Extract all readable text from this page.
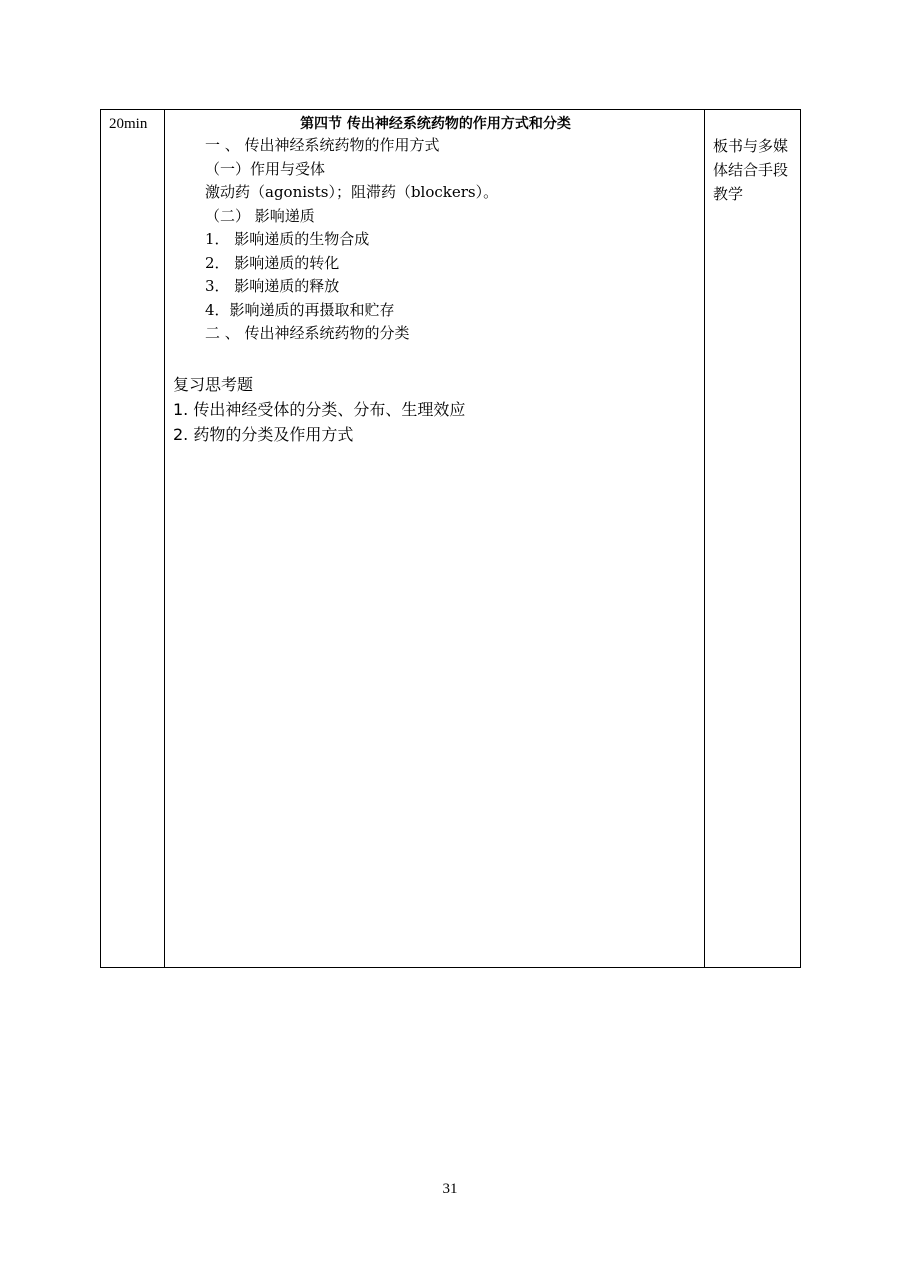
20min	第四节 传出神经系统药物的作用方式和分类
一 、 传出神经系统药物的作用方式
（一）作用与受体
激动药（agonists）；阻滞药（blockers）。
（二） 影响递质
1． 影响递质的生物合成
2． 影响递质的转化
3． 影响递质的释放
4．影响递质的再摄取和贮存
二 、 传出神经系统药物的分类
复习思考题
1. 传出神经受体的分类、分布、生理效应
2. 药物的分类及作用方式
板书与多媒
体结合手段
教学
31
